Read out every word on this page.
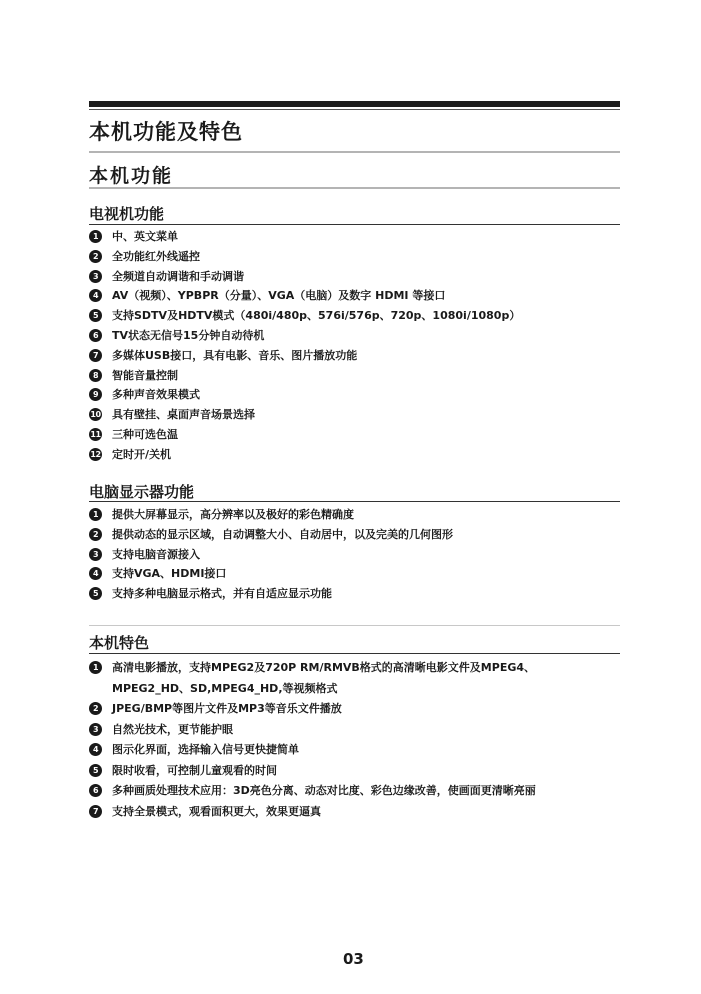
本机功能及特色
本机功能
电视机功能
1	中、英文菜单
2	全功能红外线遥控
3	全频道自动调谐和手动调谐
4	AV（视频）、YPBPR（分量）、VGA（电脑）及数字 HDMI 等接口
5	支持SDTV及HDTV模式（480i/480p、576i/576p、720p、1080i/1080p）
6	TV状态无信号15分钟自动待机
7	多媒体USB接口，具有电影、音乐、图片播放功能
8	智能音量控制
9	多种声音效果模式
10 具有壁挂、桌面声音场景选择
11 三种可选色温
12 定时开/关机
电脑显示器功能
1	提供大屏幕显示，高分辨率以及极好的彩色精确度
2	提供动态的显示区域，自动调整大小、自动居中，以及完美的几何图形
3	支持电脑音源接入
4	支持VGA、HDMI接口
5	支持多种电脑显示格式，并有自适应显示功能
本机特色
1	高清电影播放，支持MPEG2及720P RM/RMVB格式的高清晰电影文件及MPEG4、
MPEG2_HD、SD,MPEG4_HD,等视频格式
2	JPEG/BMP等图片文件及MP3等音乐文件播放
3	自然光技术，更节能护眼
4	图示化界面，选择输入信号更快捷简单
5	限时收看，可控制儿童观看的时间
6	多种画质处理技术应用：3D亮色分离、动态对比度、彩色边缘改善，使画面更清晰亮丽
7	支持全景模式，观看面积更大，效果更逼真
03
